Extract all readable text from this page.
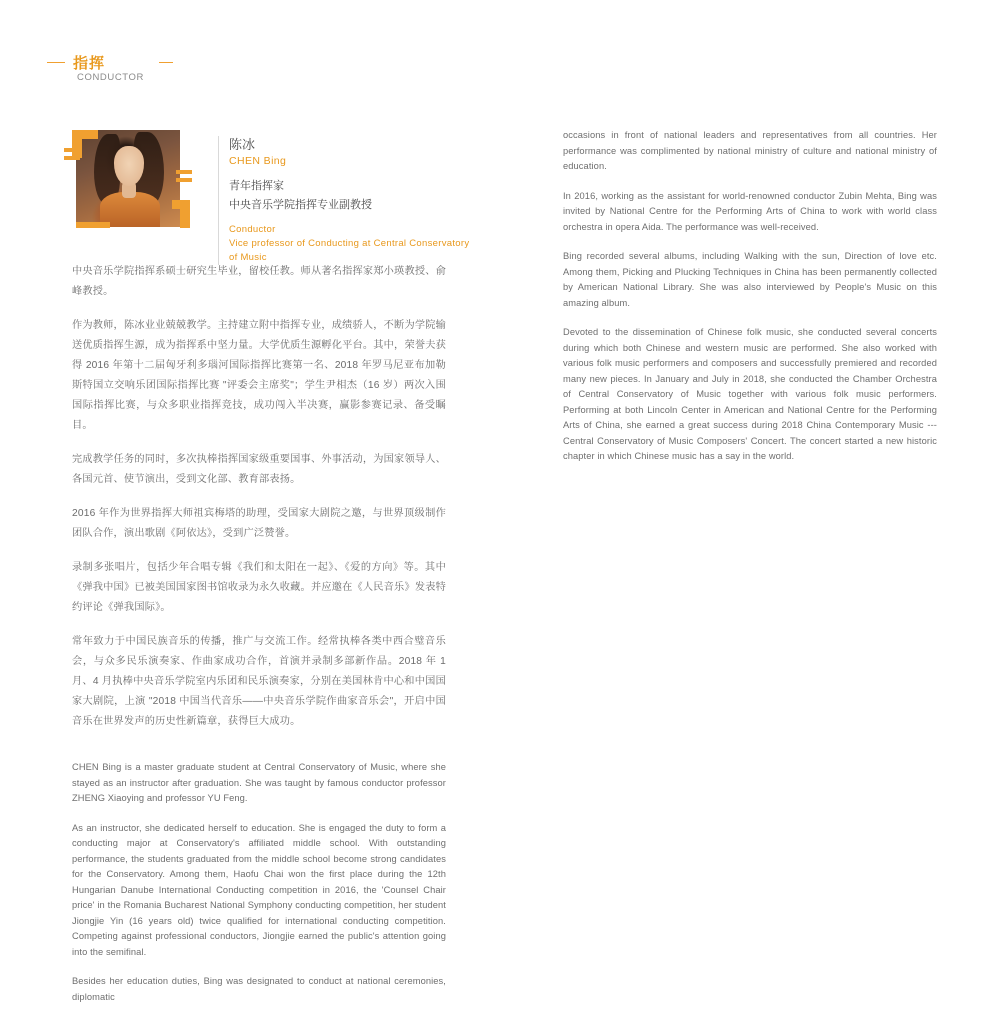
指挥
CONDUCTOR
陈冰
CHEN Bing
青年指挥家
中央音乐学院指挥专业副教授
Conductor
Vice professor of Conducting at Central Conservatory of Music

中央音乐学院指挥系硕士研究生毕业，留校任教。师从著名指挥家郑小瑛教授、俞峰教授。

作为教师，陈冰业业兢兢教学。主持建立附中指挥专业，成绩骄人，不断为学院输送优质指挥生源，成为指挥系中坚力量。大学优质生源孵化平台。其中，荣誉夫获得 2016 年第十二届匈牙利多瑙河国际指挥比赛第一名、2018 年罗马尼亚布加勒斯特国立交响乐团国际指挥比赛 "评委会主席奖"；学生尹相杰（16 岁）两次入围国际指挥比赛，与众多职业指挥竞技，成功闯入半决赛，赢影参赛记录、备受瞩目。

完成教学任务的同时，多次执棒指挥国家级重要国事、外事活动，为国家领导人、各国元首、使节演出，受到文化部、教育部表扬。

2016 年作为世界指挥大师祖宾梅塔的助理，受国家大剧院之邀，与世界顶级制作团队合作，演出歌剧《阿依达》，受到广泛赞誉。

录制多张唱片，包括少年合唱专辑《我们和太阳在一起》、《爱的方向》等。其中《弹我中国》已被美国国家图书馆收录为永久收藏。并应邀在《人民音乐》发表特约评论《弹我国际》。

常年致力于中国民族音乐的传播，推广与交流工作。经常执棒各类中西合璧音乐会，与众多民乐演奏家、作曲家成功合作，首演并录制多部新作品。2018 年 1 月、4 月执棒中央音乐学院室内乐团和民乐演奏家，分别在美国林肯中心和中国国家大剧院，上演 "2018 中国当代音乐——中央音乐学院作曲家音乐会"，开启中国音乐在世界发声的历史性新篇章，获得巨大成功。

CHEN Bing is a master graduate student at Central Conservatory of Music, where she stayed as an instructor after graduation. She was taught by famous conductor professor ZHENG Xiaoying and professor YU Feng.

As an instructor, she dedicated herself to education. She is engaged the duty to form a conducting major at Conservatory's affiliated middle school. With outstanding performance, the students graduated from the middle school become strong candidates for the Conservatory. Among them, Haofu Chai won the first place during the 12th Hungarian Danube International Conducting competition in 2016, the 'Counsel Chair price' in the Romania Bucharest National Symphony conducting competition, her student Jiongjie Yin (16 years old) twice qualified for international conducting competition. Competing against professional conductors, Jiongjie earned the public's attention going into the semifinal.

Besides her education duties, Bing was designated to conduct at national ceremonies, diplomatic

occasions in front of national leaders and representatives from all countries. Her performance was complimented by national ministry of culture and national ministry of education.

In 2016, working as the assistant for world-renowned conductor Zubin Mehta, Bing was invited by National Centre for the Performing Arts of China to work with world class orchestra in opera Aida. The performance was well-received.

Bing recorded several albums, including Walking with the sun, Direction of love etc. Among them, Picking and Plucking Techniques in China has been permanently collected by American National Library. She was also interviewed by People's Music on this amazing album.

Devoted to the dissemination of Chinese folk music, she conducted several concerts during which both Chinese and western music are performed. She also worked with various folk music performers and composers and successfully premiered and recorded many new pieces. In January and July in 2018, she conducted the Chamber Orchestra of Central Conservatory of Music together with various folk music performers. Performing at both Lincoln Center in American and National Centre for the Performing Arts of China, she earned a great success during 2018 China Contemporary Music --- Central Conservatory of Music Composers' Concert. The concert started a new historic chapter in which Chinese music has a say in the world.
